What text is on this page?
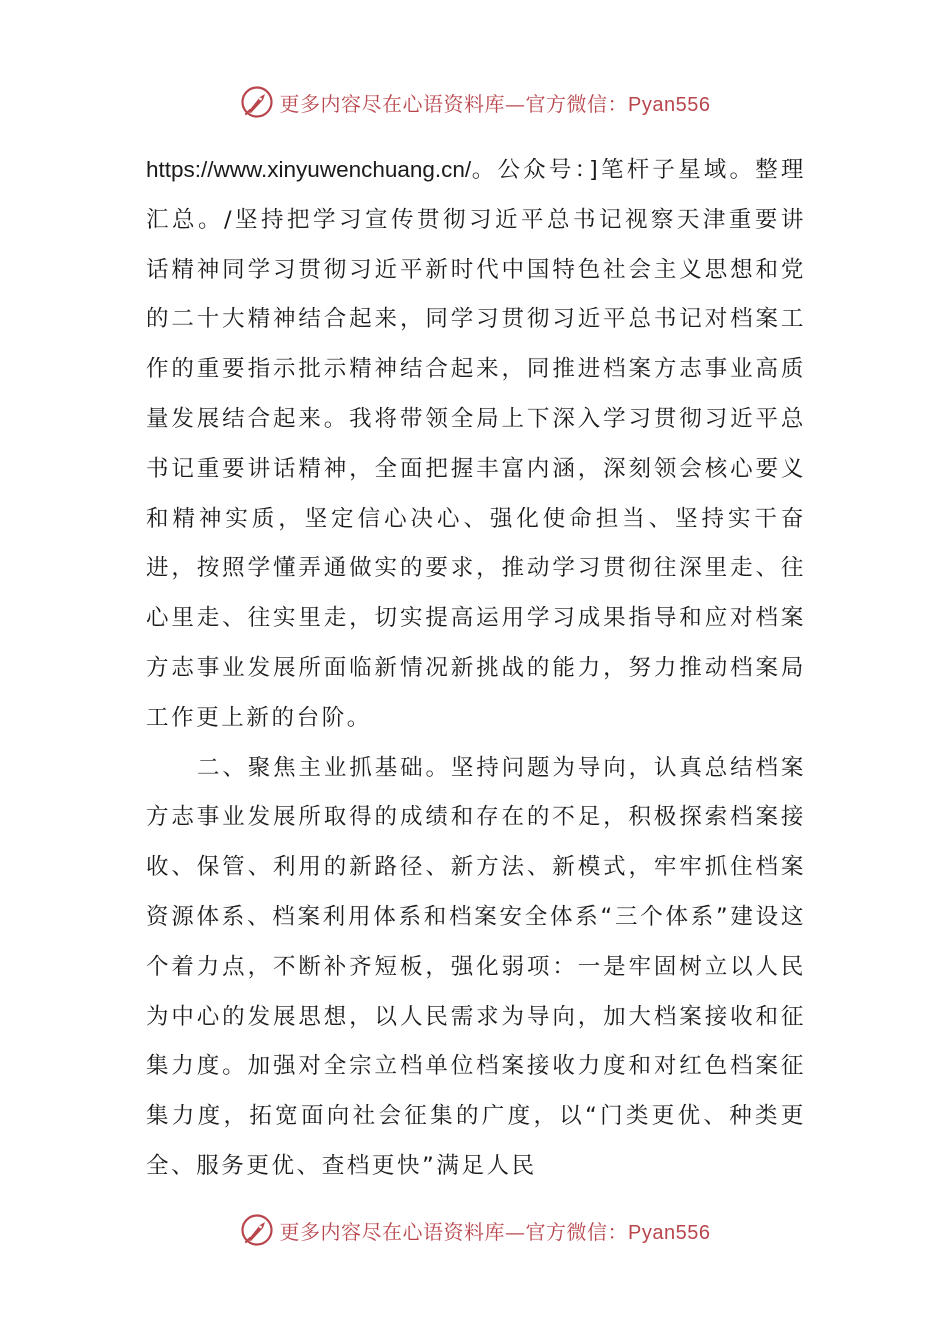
更多内容尽在心语资料库—官方微信：Pyan556

https://www.xinyuwenchuang.cn/。公众号：]笔杆子星域。整理汇总。/坚持把学习宣传贯彻习近平总书记视察天津重要讲话精神同学习贯彻习近平新时代中国特色社会主义思想和党的二十大精神结合起来，同学习贯彻习近平总书记对档案工作的重要指示批示精神结合起来，同推进档案方志事业高质量发展结合起来。我将带领全局上下深入学习贯彻习近平总书记重要讲话精神，全面把握丰富内涵，深刻领会核心要义和精神实质，坚定信心决心、强化使命担当、坚持实干奋进，按照学懂弄通做实的要求，推动学习贯彻往深里走、往心里走、往实里走，切实提高运用学习成果指导和应对档案方志事业发展所面临新情况新挑战的能力，努力推动档案局工作更上新的台阶。

二、聚焦主业抓基础。坚持问题为导向，认真总结档案方志事业发展所取得的成绩和存在的不足，积极探索档案接收、保管、利用的新路径、新方法、新模式，牢牢抓住档案资源体系、档案利用体系和档案安全体系“三个体系”建设这个着力点，不断补齐短板，强化弱项：一是牢固树立以人民为中心的发展思想，以人民需求为导向，加大档案接收和征集力度。加强对全宗立档单位档案接收力度和对红色档案征集力度，拓宽面向社会征集的广度，以“门类更优、种类更全、服务更优、查档更快”满足人民

更多内容尽在心语资料库—官方微信：Pyan556
